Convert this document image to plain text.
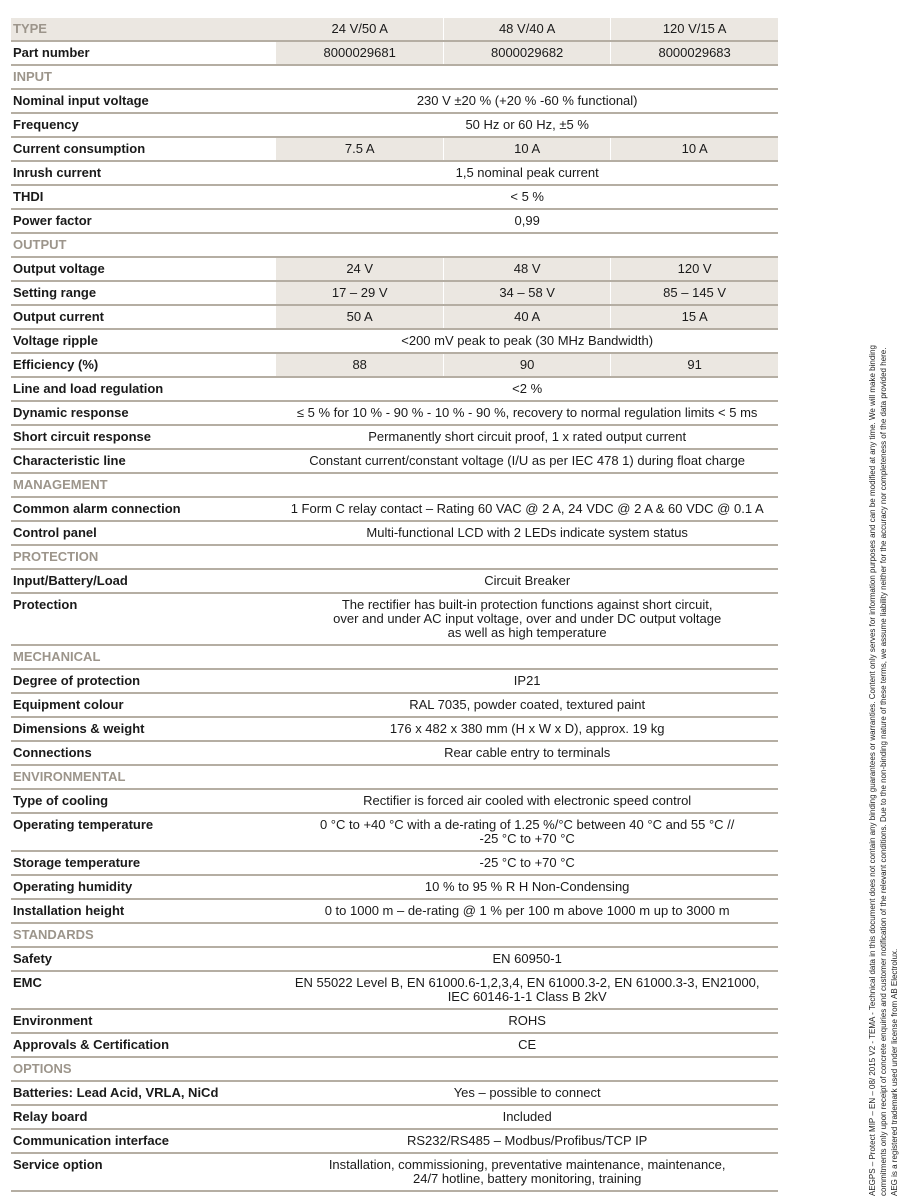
TYPE	24 V/50 A	48 V/40 A	120 V/15 A
Part number	8000029681	8000029682	8000029683
INPUT			
Nominal input voltage	230 V ±20 % (+20 % -60 % functional)		
Frequency	50 Hz or 60 Hz, ±5 %		
Current consumption	7.5 A	10 A	10 A
Inrush current	1,5 nominal peak current		
THDI	< 5 %		
Power factor	0,99		
OUTPUT			
Output voltage	24 V	48 V	120 V
Setting range	17 – 29 V	34 – 58 V	85 – 145 V
Output current	50 A	40 A	15 A
Voltage ripple	<200 mV peak to peak (30 MHz Bandwidth)		
Efficiency (%)	88	90	91
Line and load regulation	<2 %		
Dynamic response	≤ 5 % for 10 % - 90 % - 10 % - 90 %, recovery to normal regulation limits < 5 ms		
Short circuit response	Permanently short circuit proof, 1 x rated output current		
Characteristic line	Constant current/constant voltage (I/U as per IEC 478 1) during float charge		
MANAGEMENT			
Common alarm connection	1 Form C relay contact – Rating 60 VAC @ 2 A, 24 VDC @ 2 A & 60 VDC @ 0.1 A		
Control panel	Multi-functional LCD with 2 LEDs indicate system status		
PROTECTION			
Input/Battery/Load	Circuit Breaker		
Protection	The rectifier has built-in protection functions against short circuit,
over and under AC input voltage, over and under DC output voltage
as well as high temperature		
MECHANICAL			
Degree of protection	IP21		
Equipment colour	RAL 7035, powder coated, textured paint		
Dimensions & weight	176 x 482 x 380 mm (H x W x D), approx. 19 kg		
Connections	Rear cable entry to terminals		
ENVIRONMENTAL			
Type of cooling	Rectifier is forced air cooled with electronic speed control		
Operating temperature	0 °C to +40 °C with a de-rating of 1.25 %/°C between 40 °C and 55 °C //
-25 °C to +70 °C		
Storage temperature	-25 °C to +70 °C		
Operating humidity	10 % to 95 % R H Non-Condensing		
Installation height	0 to 1000 m – de-rating @ 1 % per 100 m above 1000 m up to 3000 m		
STANDARDS			
Safety	EN 60950-1		
EMC	EN 55022 Level B, EN 61000.6-1,2,3,4, EN 61000.3-2, EN 61000.3-3, EN21000,
IEC 60146-1-1 Class B 2kV		
Environment	ROHS		
Approvals & Certification	CE		
OPTIONS			
Batteries: Lead Acid, VRLA, NiCd	Yes – possible to connect		
Relay board	Included		
Communication interface	RS232/RS485 – Modbus/Profibus/TCP IP		
Service option	Installation, commissioning, preventative maintenance, maintenance,
24/7 hotline, battery monitoring, training			AEGPS – Protect MIP – EN – 08/ 2015 V2 - TEMA - Technical data in this document does not contain any binding guarantees or warranties. Content only serves for information purposes and can be modified at any time. We will make binding
commitments only upon receipt of concrete enquiries and customer notification of the relevant conditions. Due to the non-binding nature of these terms, we assume liability neither for the accuracy nor completeness of the data provided here.
AEG is a registered trademark used under license from AB Electrolux.
